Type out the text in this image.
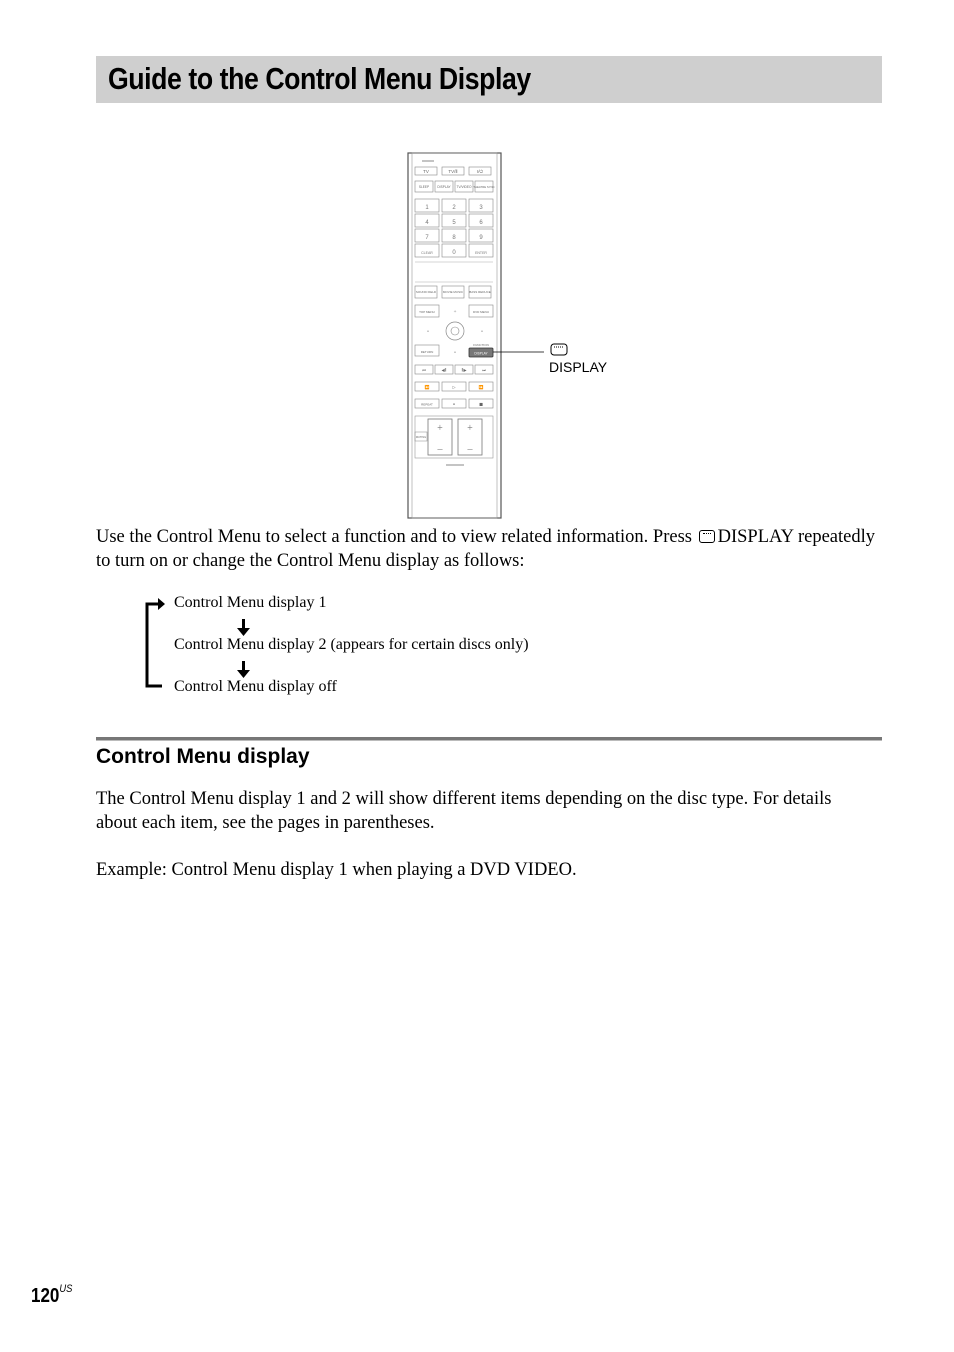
Guide to the Control Menu Display
TV	TV/Ⅱ	I/⏻
SLEEP	DISPLAY TV/VIDEO THEATRE SYNC
1	2	3
4	5	6
7	8	9
CLEAR	0	ENTER
SOUND FIELD MOVIE MUSIC BASS REDUCE
TOP MENU	DVD MENU
+
•
•	•
RETURN
FUNCTION
DISPLAY
⏮	◀Ⅱ	Ⅱ▶	⏭
⏪	▷	⏩
REPEAT	⏸	■
+
–
+
–
MUTING
DISPLAY
Use the Control Menu to select a function and to view related information. Press DISPLAY repeatedly to turn on or change the Control Menu display as follows:
Control Menu display 1
Control Menu display 2 (appears for certain discs only)
Control Menu display off
Control Menu display
The Control Menu display 1 and 2 will show different items depending on the disc type. For details about each item, see the pages in parentheses.
Example: Control Menu display 1 when playing a DVD VIDEO.
$120^{US}$
